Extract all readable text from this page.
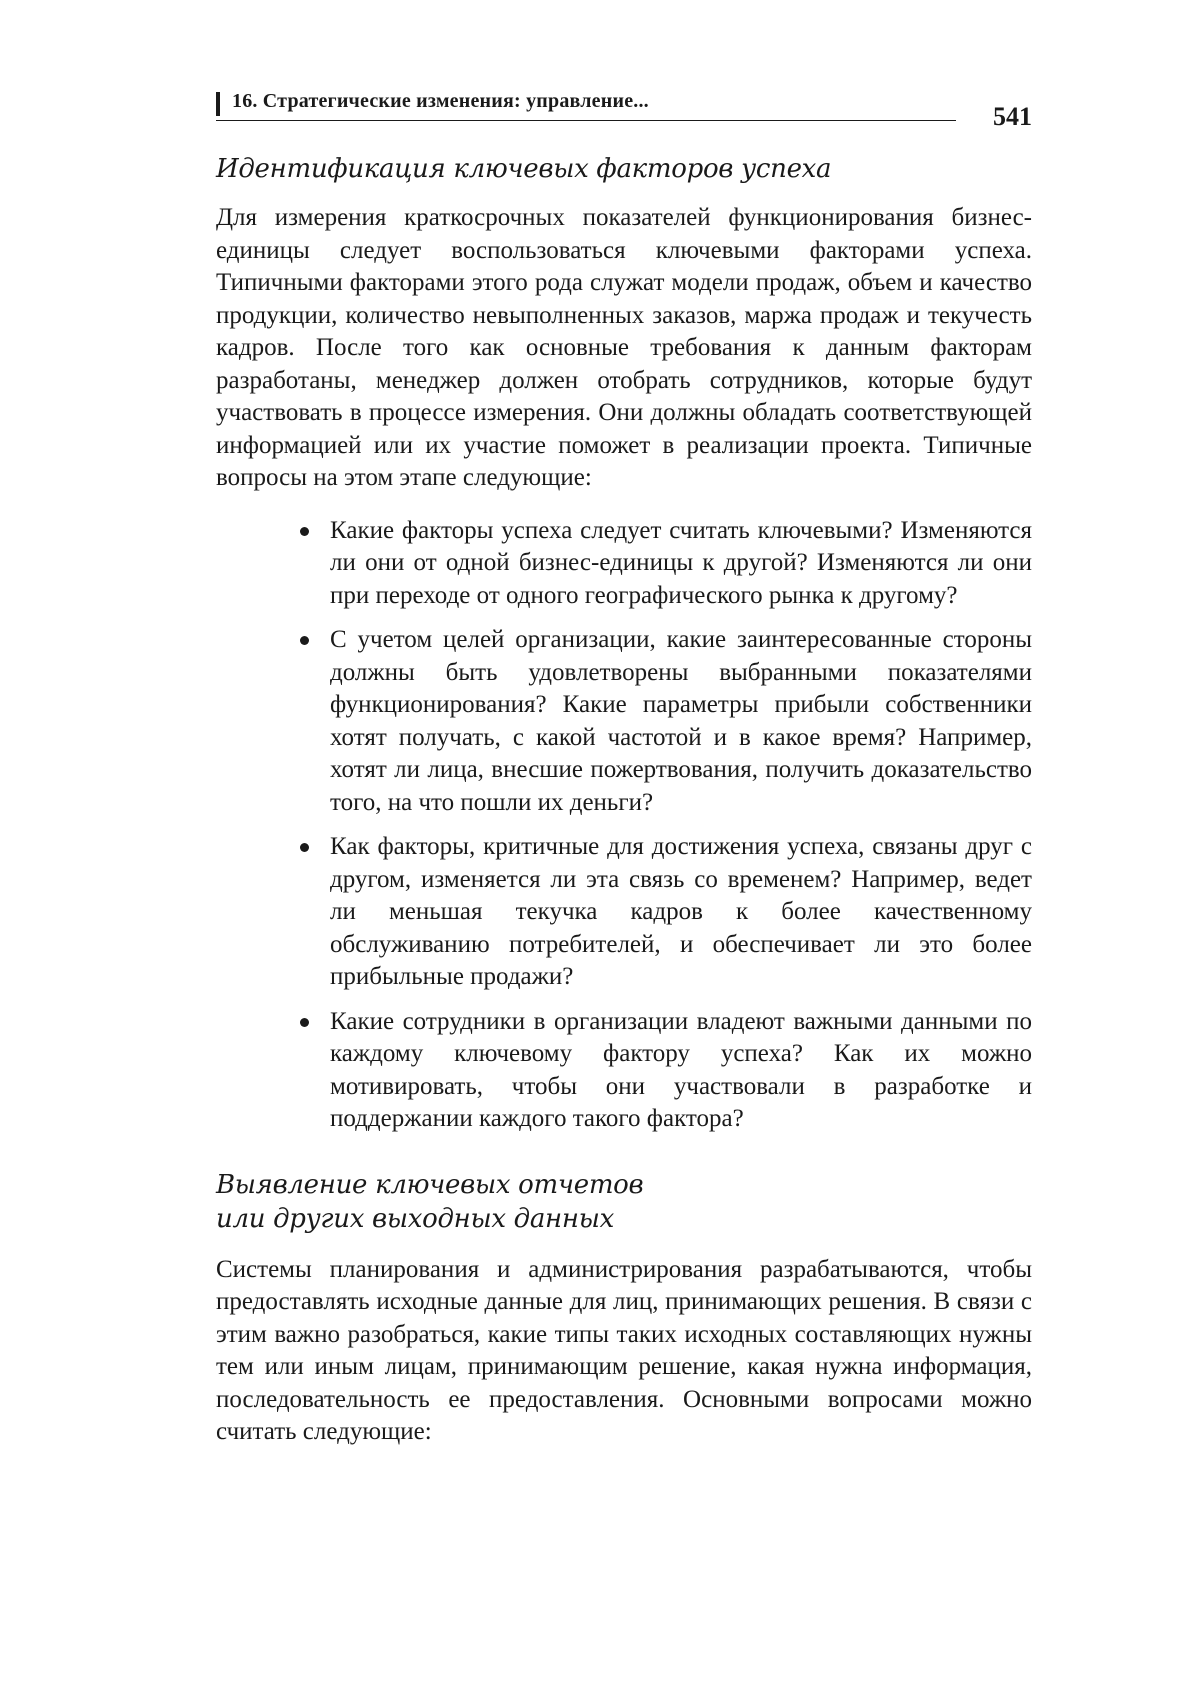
16. Стратегические изменения: управление...
541
Идентификация ключевых факторов успеха

Для измерения краткосрочных показателей функционирования бизнес-единицы следует воспользоваться ключевыми факторами успеха. Типичными факторами этого рода служат модели продаж, объем и качество продукции, количество невыполненных заказов, маржа продаж и текучесть кадров. После того как основные требования к данным факторам разработаны, менеджер должен отобрать сотрудников, которые будут участвовать в процессе измерения. Они должны обладать соответствующей информацией или их участие поможет в реализации проекта. Типичные вопросы на этом этапе следующие:

Какие факторы успеха следует считать ключевыми? Изменяются ли они от одной бизнес-единицы к другой? Изменяются ли они при переходе от одного географического рынка к другому?
С учетом целей организации, какие заинтересованные стороны должны быть удовлетворены выбранными показателями функционирования? Какие параметры прибыли собственники хотят получать, с какой частотой и в какое время? Например, хотят ли лица, внесшие пожертвования, получить доказательство того, на что пошли их деньги?
Как факторы, критичные для достижения успеха, связаны друг с другом, изменяется ли эта связь со временем? Например, ведет ли меньшая текучка кадров к более качественному обслуживанию потребителей, и обеспечивает ли это более прибыльные продажи?
Какие сотрудники в организации владеют важными данными по каждому ключевому фактору успеха? Как их можно мотивировать, чтобы они участвовали в разработке и поддержании каждого такого фактора?
Выявление ключевых отчетов
или других выходных данных

Системы планирования и администрирования разрабатываются, чтобы предоставлять исходные данные для лиц, принимающих решения. В связи с этим важно разобраться, какие типы таких исходных составляющих нужны тем или иным лицам, принимающим решение, какая нужна информация, последовательность ее предоставления. Основными вопросами можно считать следующие:
